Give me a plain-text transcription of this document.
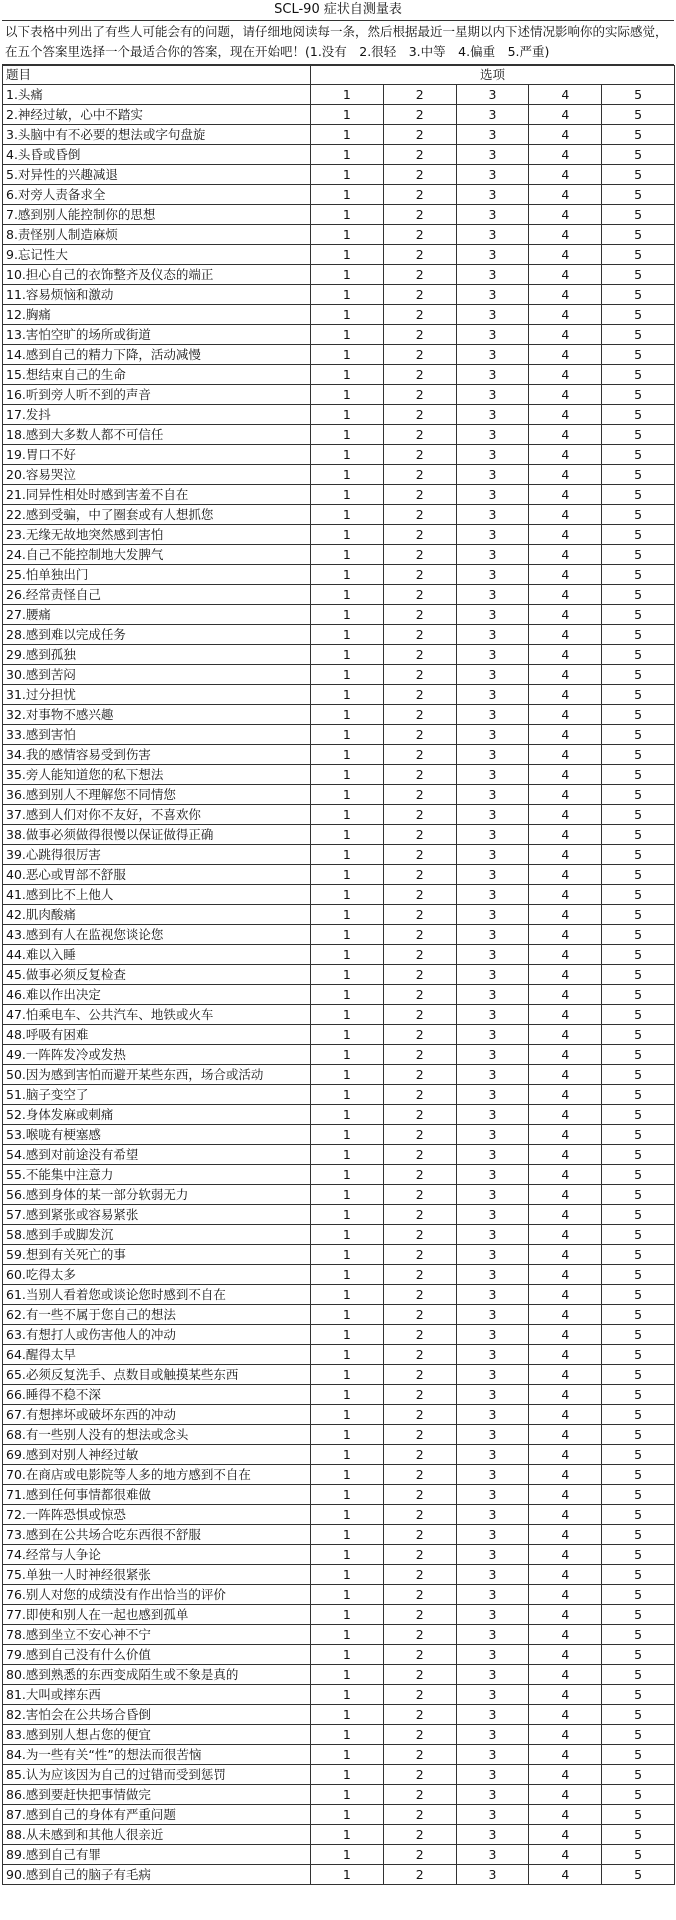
SCL-90 症状自测量表
以下表格中列出了有些人可能会有的问题，请仔细地阅读每一条，然后根据最近一星期以内下述情况影响你的实际感觉，在五个答案里选择一个最适合你的答案，现在开始吧！(1.没有　2.很轻　3.中等　4.偏重　5.严重)
题目	选项				
1.头痛	1	2	3	4	5
2.神经过敏，心中不踏实	1	2	3	4	5
3.头脑中有不必要的想法或字句盘旋	1	2	3	4	5
4.头昏或昏倒	1	2	3	4	5
5.对异性的兴趣减退	1	2	3	4	5
6.对旁人责备求全	1	2	3	4	5
7.感到别人能控制你的思想	1	2	3	4	5
8.责怪别人制造麻烦	1	2	3	4	5
9.忘记性大	1	2	3	4	5
10.担心自己的衣饰整齐及仪态的端正	1	2	3	4	5
11.容易烦恼和激动	1	2	3	4	5
12.胸痛	1	2	3	4	5
13.害怕空旷的场所或街道	1	2	3	4	5
14.感到自己的精力下降，活动减慢	1	2	3	4	5
15.想结束自己的生命	1	2	3	4	5
16.听到旁人听不到的声音	1	2	3	4	5
17.发抖	1	2	3	4	5
18.感到大多数人都不可信任	1	2	3	4	5
19.胃口不好	1	2	3	4	5
20.容易哭泣	1	2	3	4	5
21.同异性相处时感到害羞不自在	1	2	3	4	5
22.感到受骗，中了圈套或有人想抓您	1	2	3	4	5
23.无缘无故地突然感到害怕	1	2	3	4	5
24.自己不能控制地大发脾气	1	2	3	4	5
25.怕单独出门	1	2	3	4	5
26.经常责怪自己	1	2	3	4	5
27.腰痛	1	2	3	4	5
28.感到难以完成任务	1	2	3	4	5
29.感到孤独	1	2	3	4	5
30.感到苦闷	1	2	3	4	5
31.过分担忧	1	2	3	4	5
32.对事物不感兴趣	1	2	3	4	5
33.感到害怕	1	2	3	4	5
34.我的感情容易受到伤害	1	2	3	4	5
35.旁人能知道您的私下想法	1	2	3	4	5
36.感到别人不理解您不同情您	1	2	3	4	5
37.感到人们对你不友好，不喜欢你	1	2	3	4	5
38.做事必须做得很慢以保证做得正确	1	2	3	4	5
39.心跳得很厉害	1	2	3	4	5
40.恶心或胃部不舒服	1	2	3	4	5
41.感到比不上他人	1	2	3	4	5
42.肌肉酸痛	1	2	3	4	5
43.感到有人在监视您谈论您	1	2	3	4	5
44.难以入睡	1	2	3	4	5
45.做事必须反复检查	1	2	3	4	5
46.难以作出决定	1	2	3	4	5
47.怕乘电车、公共汽车、地铁或火车	1	2	3	4	5
48.呼吸有困难	1	2	3	4	5
49.一阵阵发冷或发热	1	2	3	4	5
50.因为感到害怕而避开某些东西，场合或活动	1	2	3	4	5
51.脑子变空了	1	2	3	4	5
52.身体发麻或刺痛	1	2	3	4	5
53.喉咙有梗塞感	1	2	3	4	5
54.感到对前途没有希望	1	2	3	4	5
55.不能集中注意力	1	2	3	4	5
56.感到身体的某一部分软弱无力	1	2	3	4	5
57.感到紧张或容易紧张	1	2	3	4	5
58.感到手或脚发沉	1	2	3	4	5
59.想到有关死亡的事	1	2	3	4	5
60.吃得太多	1	2	3	4	5
61.当别人看着您或谈论您时感到不自在	1	2	3	4	5
62.有一些不属于您自己的想法	1	2	3	4	5
63.有想打人或伤害他人的冲动	1	2	3	4	5
64.醒得太早	1	2	3	4	5
65.必须反复洗手、点数目或触摸某些东西	1	2	3	4	5
66.睡得不稳不深	1	2	3	4	5
67.有想摔坏或破坏东西的冲动	1	2	3	4	5
68.有一些别人没有的想法或念头	1	2	3	4	5
69.感到对别人神经过敏	1	2	3	4	5
70.在商店或电影院等人多的地方感到不自在	1	2	3	4	5
71.感到任何事情都很难做	1	2	3	4	5
72.一阵阵恐惧或惊恐	1	2	3	4	5
73.感到在公共场合吃东西很不舒服	1	2	3	4	5
74.经常与人争论	1	2	3	4	5
75.单独一人时神经很紧张	1	2	3	4	5
76.别人对您的成绩没有作出恰当的评价	1	2	3	4	5
77.即使和别人在一起也感到孤单	1	2	3	4	5
78.感到坐立不安心神不宁	1	2	3	4	5
79.感到自己没有什么价值	1	2	3	4	5
80.感到熟悉的东西变成陌生或不象是真的	1	2	3	4	5
81.大叫或摔东西	1	2	3	4	5
82.害怕会在公共场合昏倒	1	2	3	4	5
83.感到别人想占您的便宜	1	2	3	4	5
84.为一些有关“性”的想法而很苦恼	1	2	3	4	5
85.认为应该因为自己的过错而受到惩罚	1	2	3	4	5
86.感到要赶快把事情做完	1	2	3	4	5
87.感到自己的身体有严重问题	1	2	3	4	5
88.从未感到和其他人很亲近	1	2	3	4	5
89.感到自己有罪	1	2	3	4	5
90.感到自己的脑子有毛病	1	2	3	4	5
